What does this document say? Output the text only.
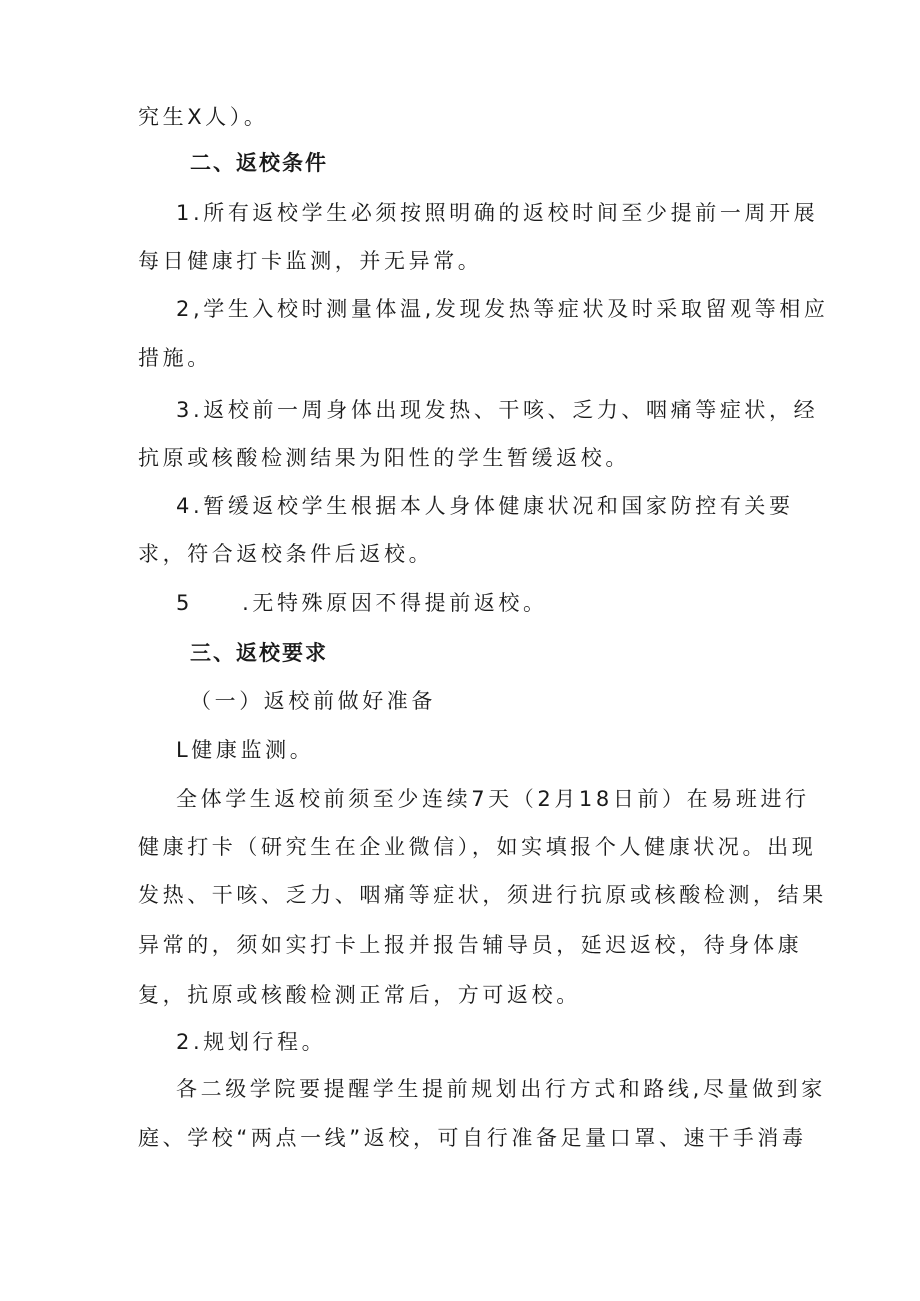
究生X人）。
二、返校条件
1.所有返校学生必须按照明确的返校时间至少提前一周开展
每日健康打卡监测，并无异常。
2,学生入校时测量体温,发现发热等症状及时采取留观等相应
措施。
3.返校前一周身体出现发热、干咳、乏力、咽痛等症状，经
抗原或核酸检测结果为阳性的学生暂缓返校。
4.暂缓返校学生根据本人身体健康状况和国家防控有关要
求，符合返校条件后返校。
5　　.无特殊原因不得提前返校。
三、返校要求
（一）返校前做好准备
L健康监测。
全体学生返校前须至少连续7天（2月18日前）在易班进行
健康打卡（研究生在企业微信），如实填报个人健康状况。出现
发热、干咳、乏力、咽痛等症状，须进行抗原或核酸检测，结果
异常的，须如实打卡上报并报告辅导员，延迟返校，待身体康
复，抗原或核酸检测正常后，方可返校。
2.规划行程。
各二级学院要提醒学生提前规划出行方式和路线,尽量做到家
庭、学校“两点一线”返校，可自行准备足量口罩、速干手消毒
